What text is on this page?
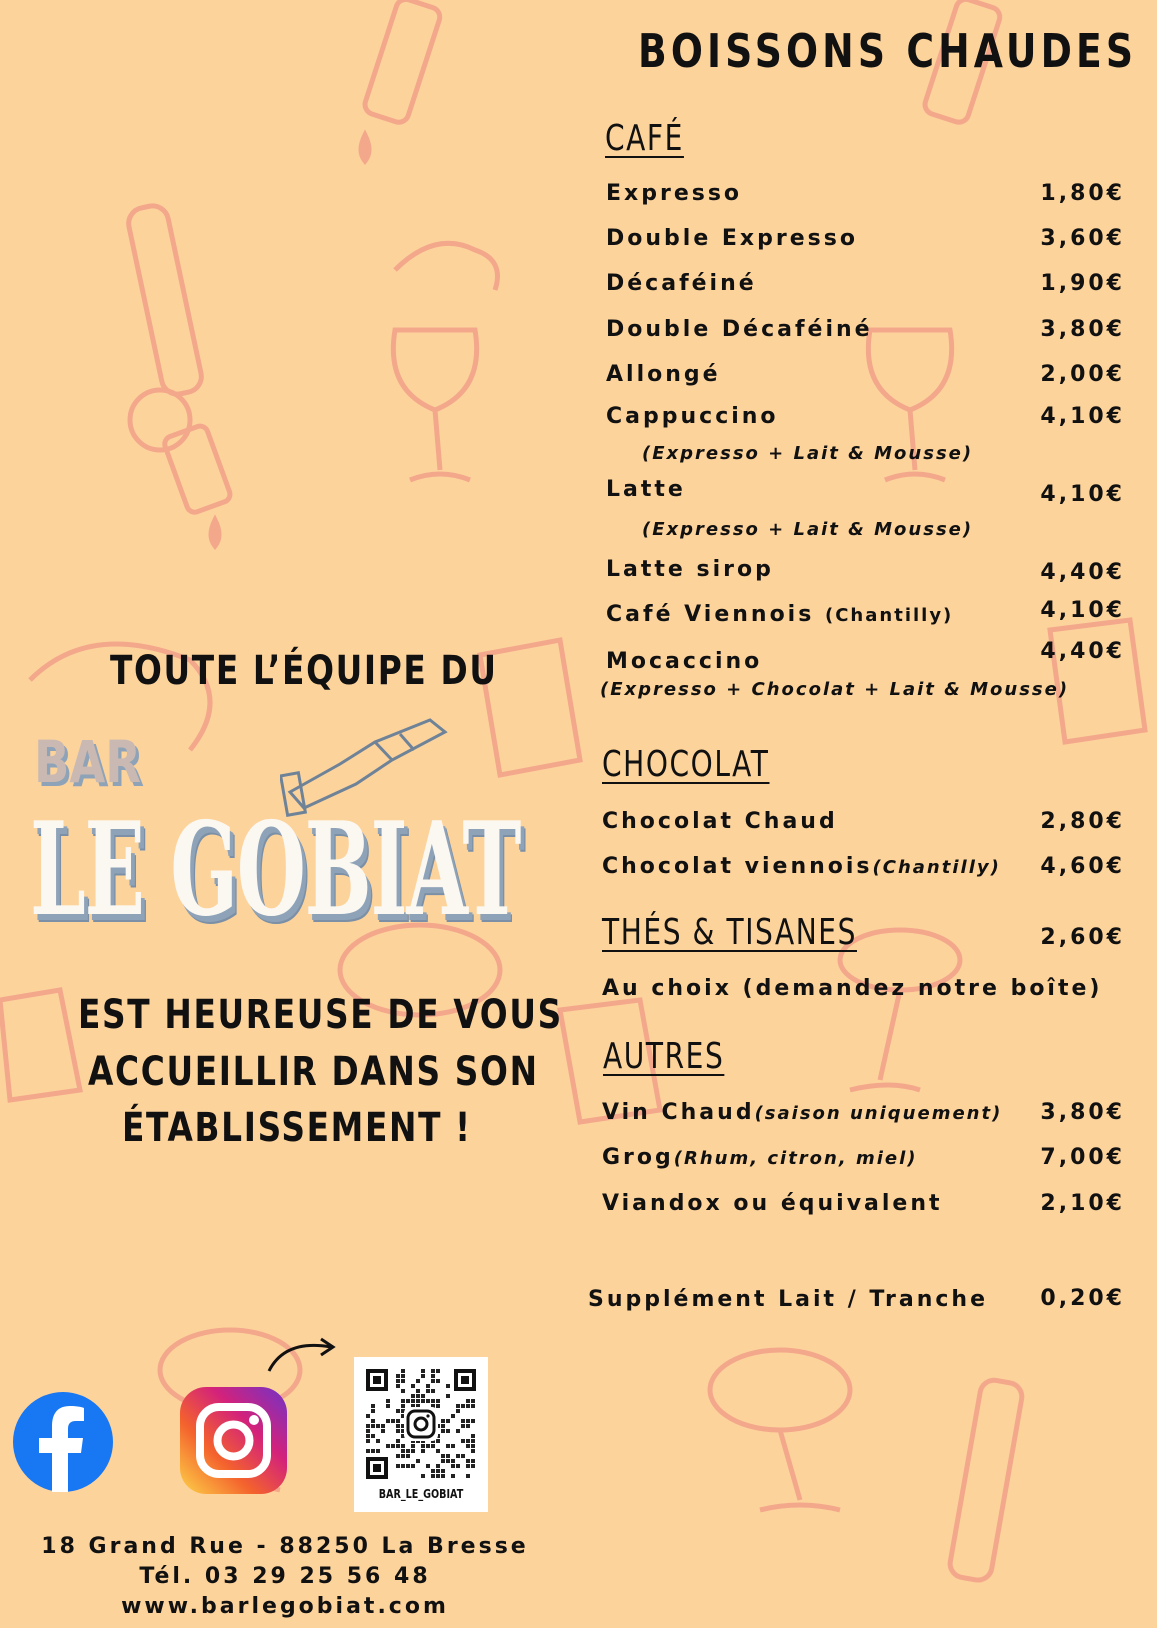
BOISSONS CHAUDES
CAFÉ
Expresso	1,80€
Double Expresso	3,60€
Décaféiné	1,90€
Double Décaféiné	3,80€
Allongé	2,00€
Cappuccino	4,10€
(Expresso + Lait & Mousse)
Latte	4,10€
(Expresso + Lait & Mousse)
Latte sirop	4,40€
Café Viennois (Chantilly)	4,10€
Mocaccino	4,40€
(Expresso + Chocolat + Lait & Mousse)
CHOCOLAT
Chocolat Chaud	2,80€
Chocolat viennois(Chantilly) 4,60€
THÉS & TISANES	2,60€
Au choix (demandez notre boîte)
AUTRES
Vin Chaud(saison uniquement) 3,80€
Grog(Rhum, citron, miel)	7,00€
Viandox ou équivalent	2,10€
Supplément Lait / Tranche 0,20€
TOUTE L’ÉQUIPE DU
BAR
LE GOBIAT
EST HEUREUSE DE VOUS
ACCUEILLIR DANS SON
ÉTABLISSEMENT !
BAR_LE_GOBIAT
18 Grand Rue - 88250 La Bresse
Tél. 03 29 25 56 48
www.barlegobiat.com
